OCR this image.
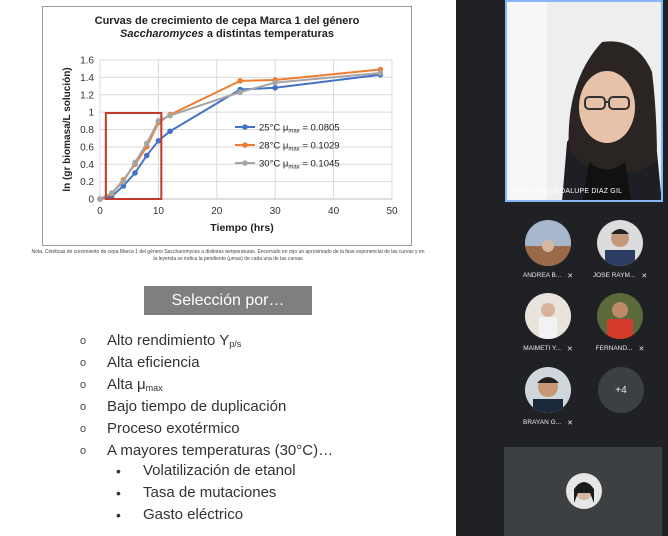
Curvas de crecimiento de cepa Marca 1 del género
Saccharomyces a distintas temperaturas
0
0.2
0.4
0.6
0.8
1
1.2
1.4
1.6
0	10	20	30	40	50
Tiempo (hrs)
ln (gr biomasa/L solución)	25°C $\mu_{max} = 0.0805$
28°C $\mu_{max} = 0.1029$
30°C $\mu_{max} = 0.1045$
Nota. Cinéticas de crecimiento de cepa Marca 1 del género Saccharomyces a distintas temperaturas. Encerrado en rojo un aproximado de la fase exponencial de las curvas y en la leyenda se indica la pendiente (μmax) de cada una de las curvas
Selección por…
o Alto rendimiento $Y_{p/s}$
o Alta eficiencia
o Alta $\mu_{max}$
o Bajo tiempo de duplicación
o Proceso exotérmico
o A mayores temperaturas (30°C)…
• Volatilización de etanol
• Tasa de mutaciones
• Gasto eléctrico
NATALIA GUADALUPE DIAZ GIL
ANDREA B... ✕	JOSE RAYM... ✕
MAIMETI Y... ✕	FERNAND... ✕
BRAYAN G... ✕
+4
